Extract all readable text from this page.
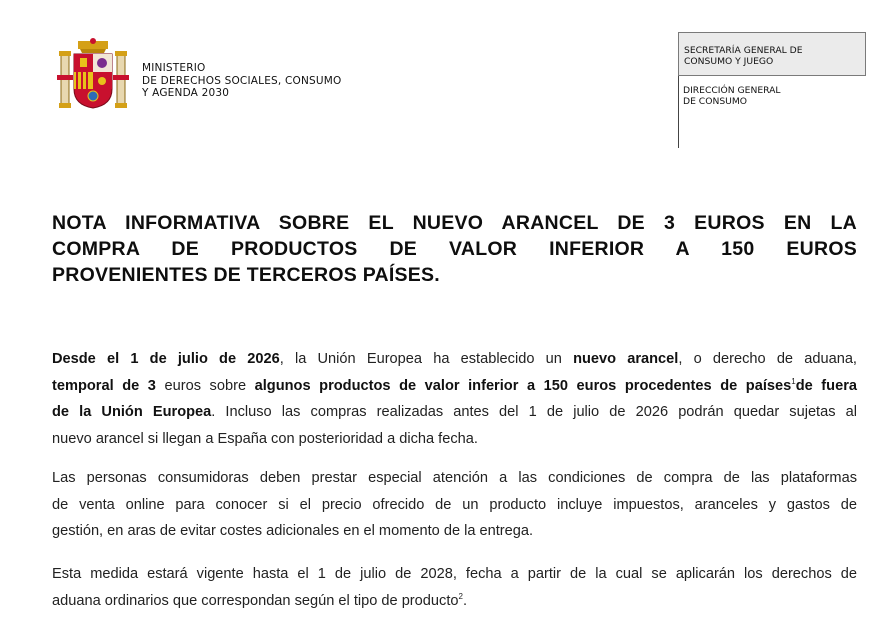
MINISTERIO
DE DERECHOS SOCIALES, CONSUMO
Y AGENDA 2030
SECRETARÍA GENERAL DE
CONSUMO Y JUEGO
DIRECCIÓN GENERAL
DE CONSUMO
NOTA INFORMATIVA SOBRE EL NUEVO ARANCEL DE 3 EUROS EN LA
COMPRA DE PRODUCTOS DE VALOR INFERIOR A 150 EUROS
PROVENIENTES DE TERCEROS PAÍSES.
Desde el 1 de julio de 2026, la Unión Europea ha establecido un nuevo arancel, o derecho de aduana,
temporal de 3 euros sobre algunos productos de valor inferior a 150 euros procedentes de países$^1$de fuera
de la Unión Europea. Incluso las compras realizadas antes del 1 de julio de 2026 podrán quedar sujetas al
nuevo arancel si llegan a España con posterioridad a dicha fecha.
Las personas consumidoras deben prestar especial atención a las condiciones de compra de las plataformas
de venta online para conocer si el precio ofrecido de un producto incluye impuestos, aranceles y gastos de
gestión, en aras de evitar costes adicionales en el momento de la entrega.
Esta medida estará vigente hasta el 1 de julio de 2028, fecha a partir de la cual se aplicarán los derechos de
aduana ordinarios que correspondan según el tipo de producto$^2$.
